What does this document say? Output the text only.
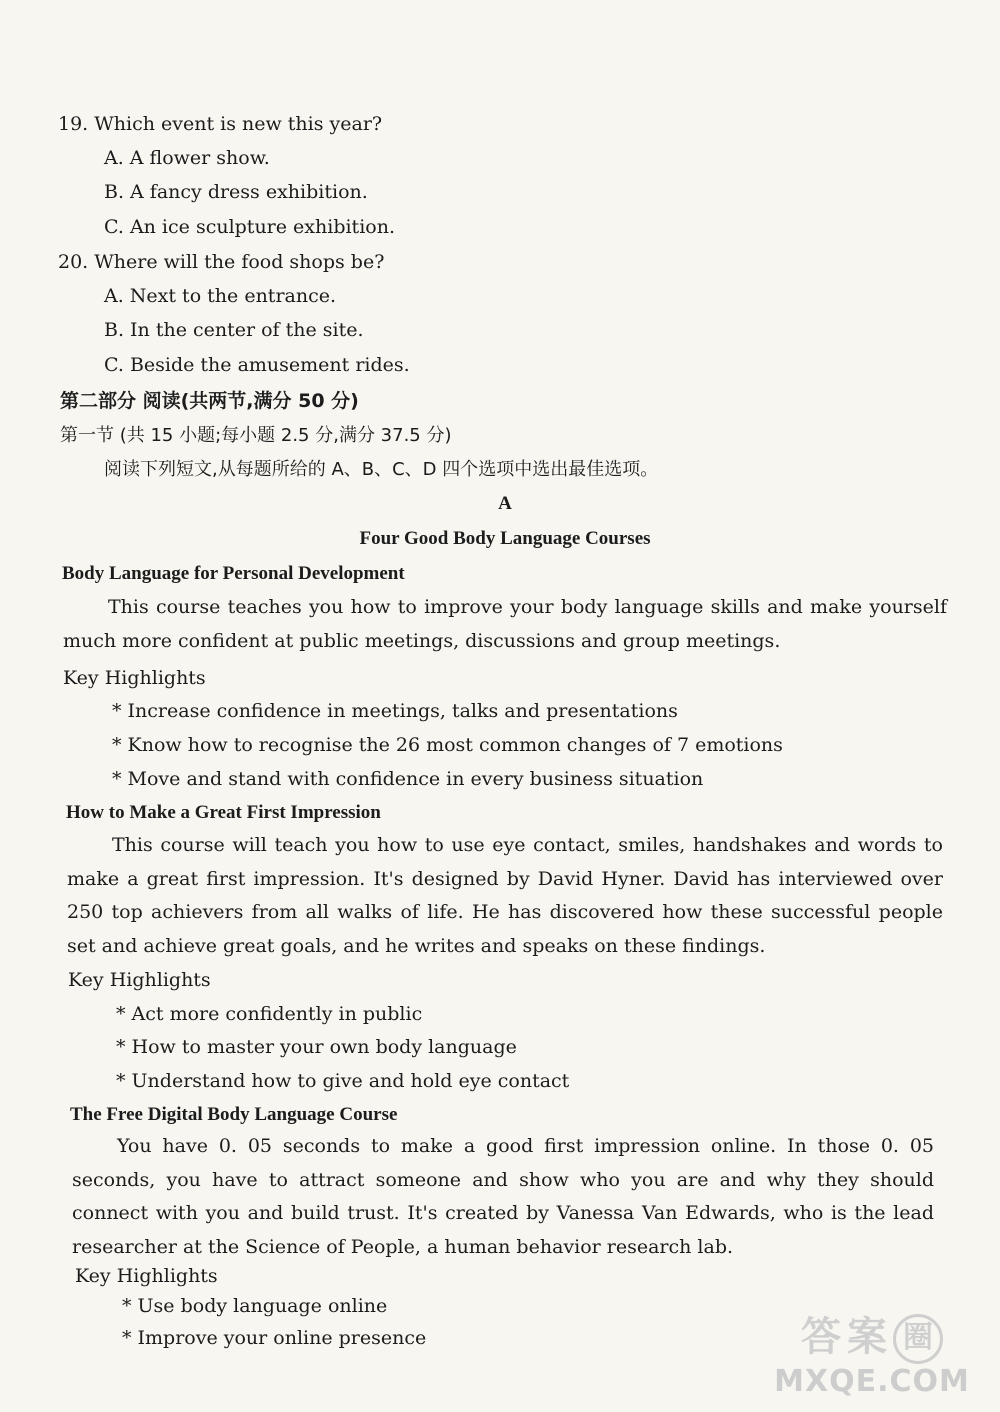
19. Which event is new this year?
A. A flower show.
B. A fancy dress exhibition.
C. An ice sculpture exhibition.
20. Where will the food shops be?
A. Next to the entrance.
B. In the center of the site.
C. Beside the amusement rides.
第二部分 阅读(共两节,满分 50 分)
第一节 (共 15 小题;每小题 2.5 分,满分 37.5 分)
阅读下列短文,从每题所给的 A、B、C、D 四个选项中选出最佳选项。
A
Four Good Body Language Courses
Body Language for Personal Development
This course teaches you how to improve your body language skills and make yourself much more confident at public meetings, discussions and group meetings.
Key Highlights
* Increase confidence in meetings, talks and presentations
* Know how to recognise the 26 most common changes of 7 emotions
* Move and stand with confidence in every business situation
How to Make a Great First Impression
This course will teach you how to use eye contact, smiles, handshakes and words to make a great first impression. It's designed by David Hyner. David has interviewed over 250 top achievers from all walks of life. He has discovered how these successful people set and achieve great goals, and he writes and speaks on these findings.
Key Highlights
* Act more confidently in public
* How to master your own body language
* Understand how to give and hold eye contact
The Free Digital Body Language Course
You have 0. 05 seconds to make a good first impression online. In those 0. 05 seconds, you have to attract someone and show who you are and why they should connect with you and build trust. It's created by Vanessa Van Edwards, who is the lead researcher at the Science of People, a human behavior research lab.
Key Highlights
* Use body language online
* Improve your online presence	答案 圈
MXQE.COM
